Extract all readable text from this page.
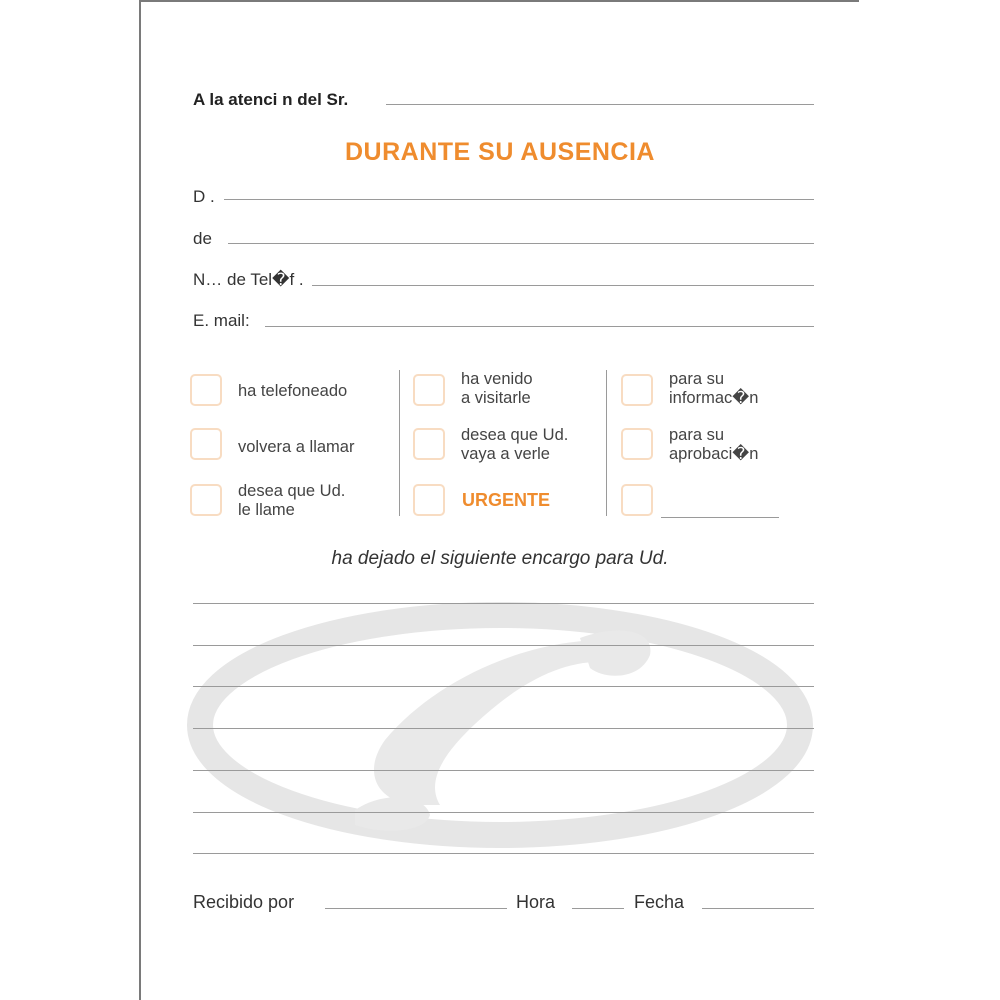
A la atenci n del Sr.
DURANTE SU AUSENCIA
D .
de
N… de Tel�f .
E. mail:
ha telefoneado
volvera a llamar
desea que Ud.
le llame
ha venido
a visitarle
desea que Ud.
vaya a verle
URGENTE
para su
informac�n
para su
aprobaci�n
ha dejado el siguiente encargo para Ud.
Recibido por	Hora	Fecha
